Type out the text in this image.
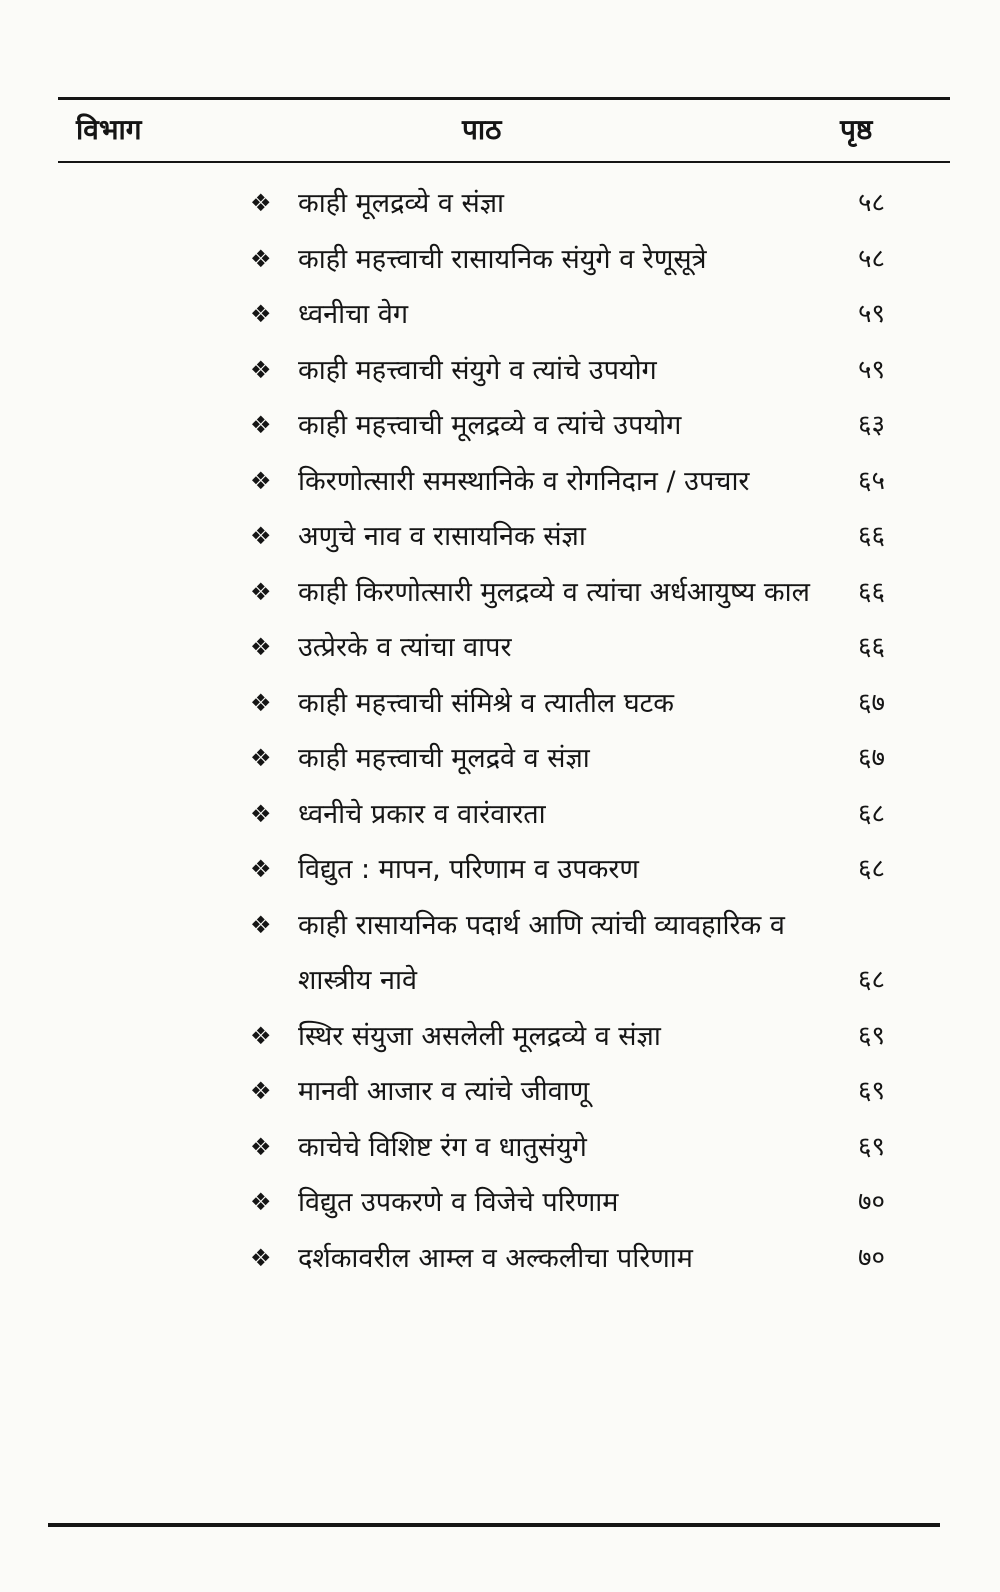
विभाग	पाठ	पृष्ठ
❖ काही मूलद्रव्ये व संज्ञा	५८
❖ काही महत्त्वाची रासायनिक संयुगे व रेणूसूत्रे	५८
❖ ध्वनीचा वेग	५९
❖ काही महत्त्वाची संयुगे व त्यांचे उपयोग	५९
❖ काही महत्त्वाची मूलद्रव्ये व त्यांचे उपयोग	६३
❖ किरणोत्सारी समस्थानिके व रोगनिदान / उपचार	६५
❖ अणुचे नाव व रासायनिक संज्ञा	६६
❖ काही किरणोत्सारी मुलद्रव्ये व त्यांचा अर्धआयुष्य काल ६६
❖ उत्प्रेरके व त्यांचा वापर	६६
❖ काही महत्त्वाची संमिश्रे व त्यातील घटक	६७
❖ काही महत्त्वाची मूलद्रवे व संज्ञा	६७
❖ ध्वनीचे प्रकार व वारंवारता	६८
❖ विद्युत : मापन, परिणाम व उपकरण	६८
❖ काही रासायनिक पदार्थ आणि त्यांची व्यावहारिक व शास्त्रीय नावे	६८
❖ स्थिर संयुजा असलेली मूलद्रव्ये व संज्ञा	६९
❖ मानवी आजार व त्यांचे जीवाणू	६९
❖ काचेचे विशिष्ट रंग व धातुसंयुगे	६९
❖ विद्युत उपकरणे व विजेचे परिणाम	७०
❖ दर्शकावरील आम्ल व अल्कलीचा परिणाम	७०
